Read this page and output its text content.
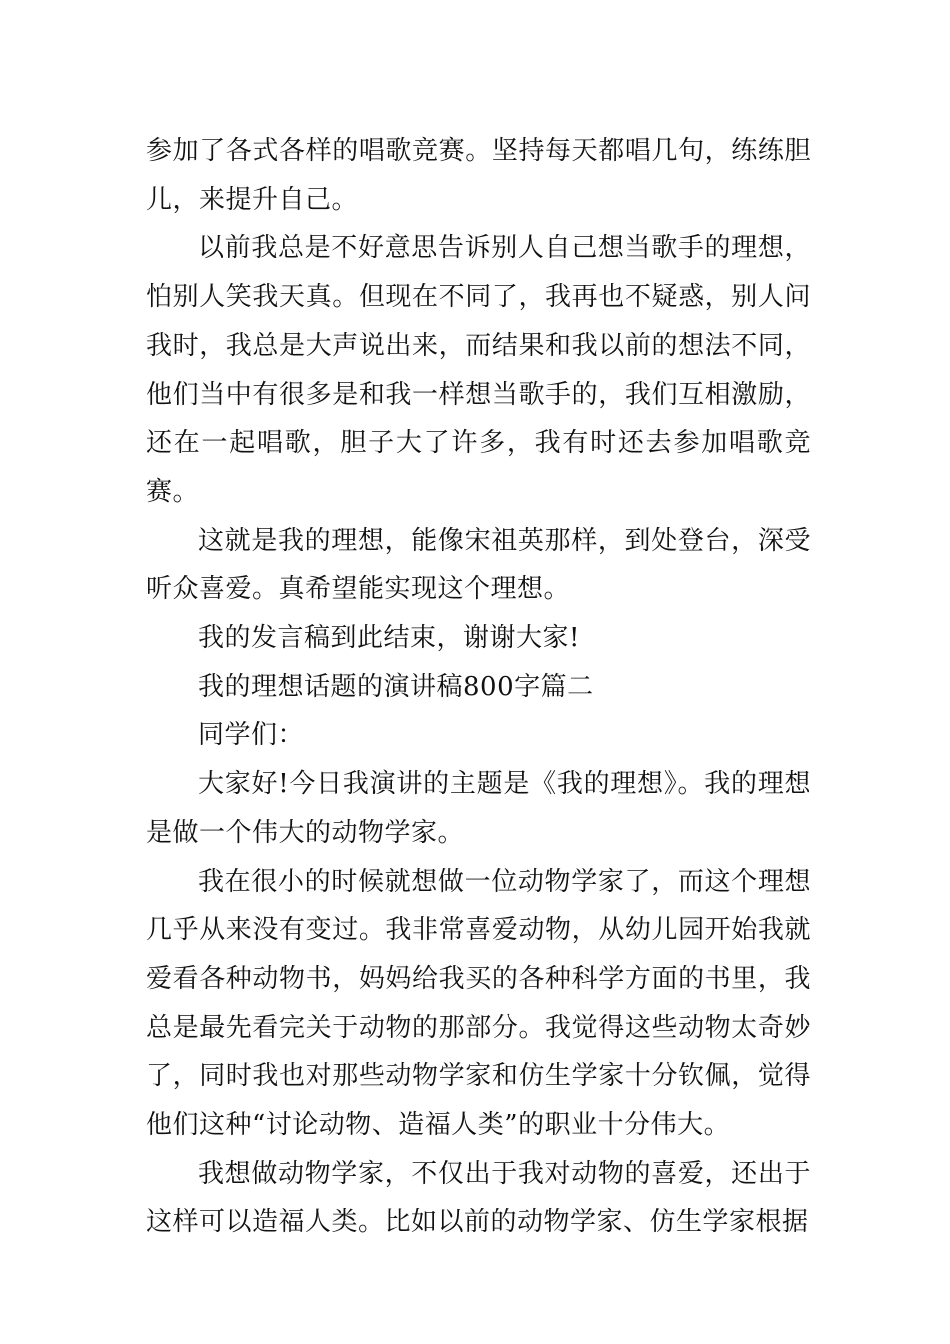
参加了各式各样的唱歌竞赛。坚持每天都唱几句，练练胆儿，来提升自己。

以前我总是不好意思告诉别人自己想当歌手的理想，怕别人笑我天真。但现在不同了，我再也不疑惑，别人问我时，我总是大声说出来，而结果和我以前的想法不同，他们当中有很多是和我一样想当歌手的，我们互相激励，还在一起唱歌，胆子大了许多，我有时还去参加唱歌竞赛。

这就是我的理想，能像宋祖英那样，到处登台，深受听众喜爱。真希望能实现这个理想。

我的发言稿到此结束，谢谢大家!

我的理想话题的演讲稿800字篇二

同学们：

大家好!今日我演讲的主题是《我的理想》。我的理想是做一个伟大的动物学家。

我在很小的时候就想做一位动物学家了，而这个理想几乎从来没有变过。我非常喜爱动物，从幼儿园开始我就爱看各种动物书，妈妈给我买的各种科学方面的书里，我总是最先看完关于动物的那部分。我觉得这些动物太奇妙了，同时我也对那些动物学家和仿生学家十分钦佩，觉得他们这种“讨论动物、造福人类”的职业十分伟大。

我想做动物学家，不仅出于我对动物的喜爱，还出于这样可以造福人类。比如以前的动物学家、仿生学家根据
